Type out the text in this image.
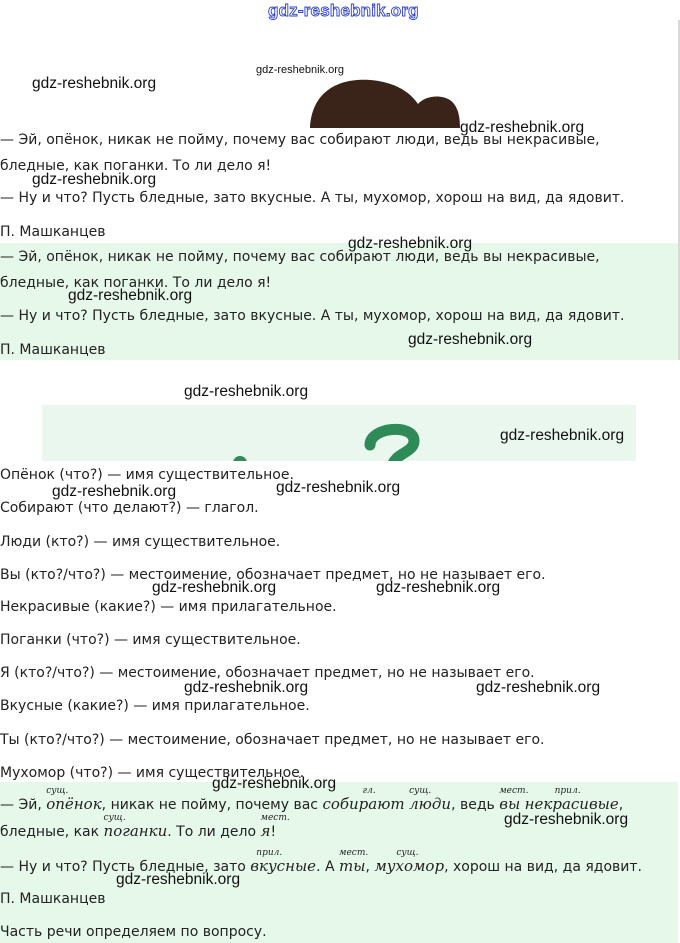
gdz-reshebnik.org
gdz-reshebnik.org
gdz-reshebnik.org
— Эй, опёнок, никак не пойму, почему вас собирают люди, ведь вы некрасивые,
бледные, как поганки. То ли дело я!
— Ну и что? Пусть бледные, зато вкусные. А ты, мухомор, хорош на вид, да ядовит.
П. Машканцев
gdz-reshebnik.org
gdz-reshebnik.org
— Эй, опёнок, никак не пойму, почему вас собирают люди, ведь вы некрасивые,
бледные, как поганки. То ли дело я!
— Ну и что? Пусть бледные, зато вкусные. А ты, мухомор, хорош на вид, да ядовит.
П. Машканцев
gdz-reshebnik.org
gdz-reshebnik.org
gdz-reshebnik.org
gdz-reshebnik.org
gdz-reshebnik.org
Опёнок (что?) — имя существительное.
Собирают (что делают?) — глагол.
Люди (кто?) — имя существительное.
Вы (кто?/что?) — местоимение, обозначает предмет, но не называет его.
Некрасивые (какие?) — имя прилагательное.
Поганки (что?) — имя существительное.
Я (кто?/что?) — местоимение, обозначает предмет, но не называет его.
Вкусные (какие?) — имя прилагательное.
Ты (кто?/что?) — местоимение, обозначает предмет, но не называет его.
Мухомор (что?) — имя существительное.
gdz-reshebnik.org	gdz-reshebnik.org
gdz-reshebnik.org	gdz-reshebnik.org
gdz-reshebnik.org	gdz-reshebnik.org
gdz-reshebnik.org
— Эй,
сущ.
опёнок, никак не пойму, почему вас
гл.
собирают
сущ.
люди, ведь
мест.
вы
прил.
некрасивые,
бледные, как
сущ.
поганки. То ли дело
мест.
я!
gdz-reshebnik.org
— Ну и что? Пусть бледные, зато
прил.
вкусные. А
мест.
ты,
сущ.
мухомор, хорош на вид, да ядовит.
gdz-reshebnik.org
П. Машканцев
Часть речи определяем по вопросу.
